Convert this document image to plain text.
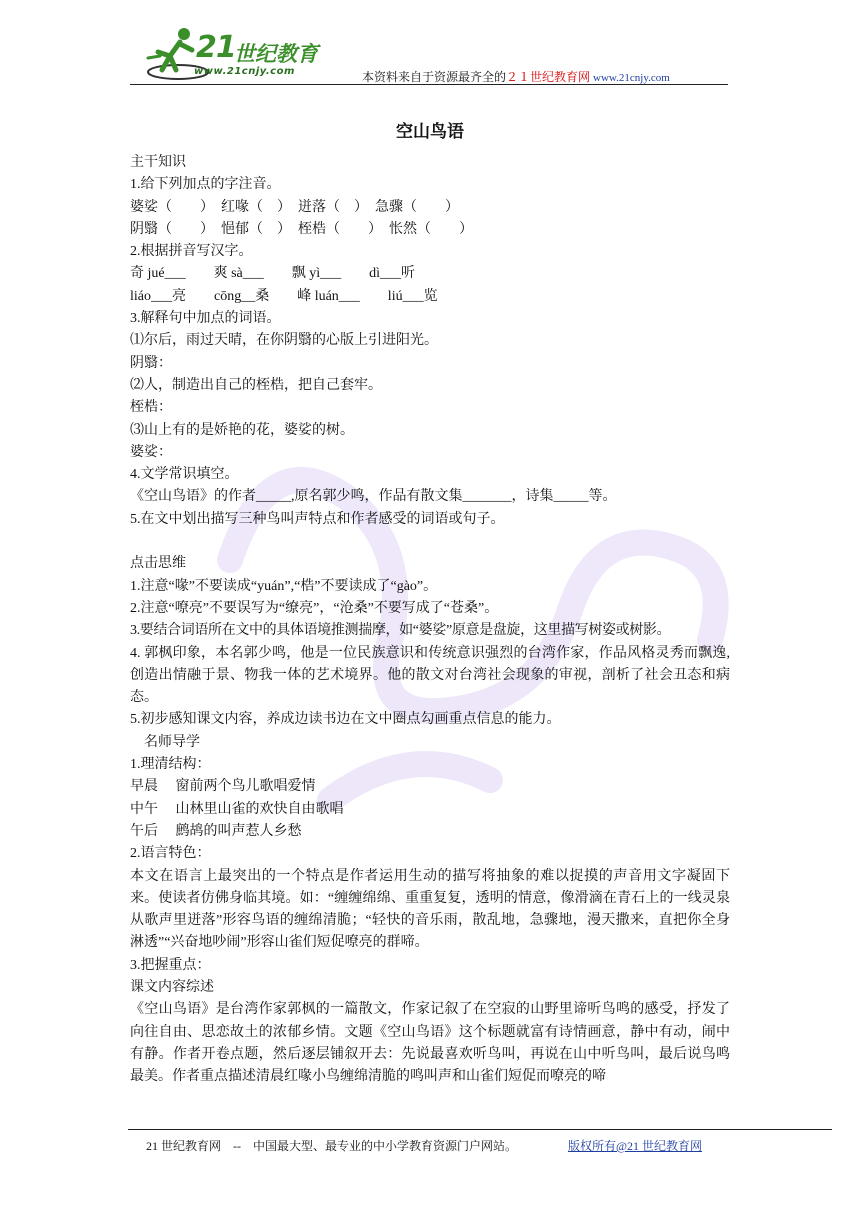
21
世纪教育
www.21cnjy.com	本资料来自于资源最齐全的２１世纪教育网 www.21cnjy.com
空山鸟语
主干知识
1.给下列加点的字注音。
婆娑（　　）　红喙（　）　迸落（　）　急骤（　　）
阴翳（　　）　悒郁（　）　桎梏（　　）　怅然（　　）
2.根据拼音写汉字。
奇 jué___　　爽 sà___　　飘 yì___　　dì___听
liáo___亮　　cōng__桑　　峰 luán___　　liú___览
3.解释句中加点的词语。
⑴尔后，雨过天晴，在你阴翳的心版上引进阳光。
阴翳：
⑵人，制造出自己的桎梏，把自己套牢。
桎梏：
⑶山上有的是娇艳的花，婆娑的树。
婆娑：
4.文学常识填空。
《空山鸟语》的作者_____,原名郭少鸣，作品有散文集_______，诗集_____等。
5.在文中划出描写三种鸟叫声特点和作者感受的词语或句子。
点击思维
1.注意“喙”不要读成“yuán”,“梏”不要读成了“gào”。
2.注意“嘹亮”不要误写为“缭亮”，“沧桑”不要写成了“苍桑”。
3.要结合词语所在文中的具体语境推测揣摩，如“婆娑”原意是盘旋，这里描写树姿或树影。
4. 郭枫印象，本名郭少鸣，他是一位民族意识和传统意识强烈的台湾作家，作品风格灵秀而飘逸,创造出情融于景、物我一体的艺术境界。他的散文对台湾社会现象的审视，剖析了社会丑态和病态。
5.初步感知课文内容，养成边读书边在文中圈点勾画重点信息的能力。
　名师导学
1.理清结构：
早晨　 窗前两个鸟儿歌唱爱情
中午　 山林里山雀的欢快自由歌唱
午后　 鹧鸪的叫声惹人乡愁
2.语言特色：
本文在语言上最突出的一个特点是作者运用生动的描写将抽象的难以捉摸的声音用文字凝固下来。使读者仿佛身临其境。如：“缠缠绵绵、重重复复，透明的情意，像滑滴在青石上的一线灵泉从歌声里迸落”形容鸟语的缠绵清脆；“轻快的音乐雨，散乱地，急骤地，漫天撒来，直把你全身淋透”“兴奋地吵闹”形容山雀们短促嘹亮的群啼。
3.把握重点：
课文内容综述
《空山鸟语》是台湾作家郭枫的一篇散文，作家记叙了在空寂的山野里谛听鸟鸣的感受，抒发了向往自由、思恋故土的浓郁乡情。文题《空山鸟语》这个标题就富有诗情画意，静中有动，闹中有静。作者开卷点题，然后逐层铺叙开去：先说最喜欢听鸟叫，再说在山中听鸟叫，最后说鸟鸣最美。作者重点描述清晨红喙小鸟缠绵清脆的鸣叫声和山雀们短促而嘹亮的啼
21 世纪教育网　--　中国最大型、最专业的中小学教育资源门户网站。	版权所有@21 世纪教育网
